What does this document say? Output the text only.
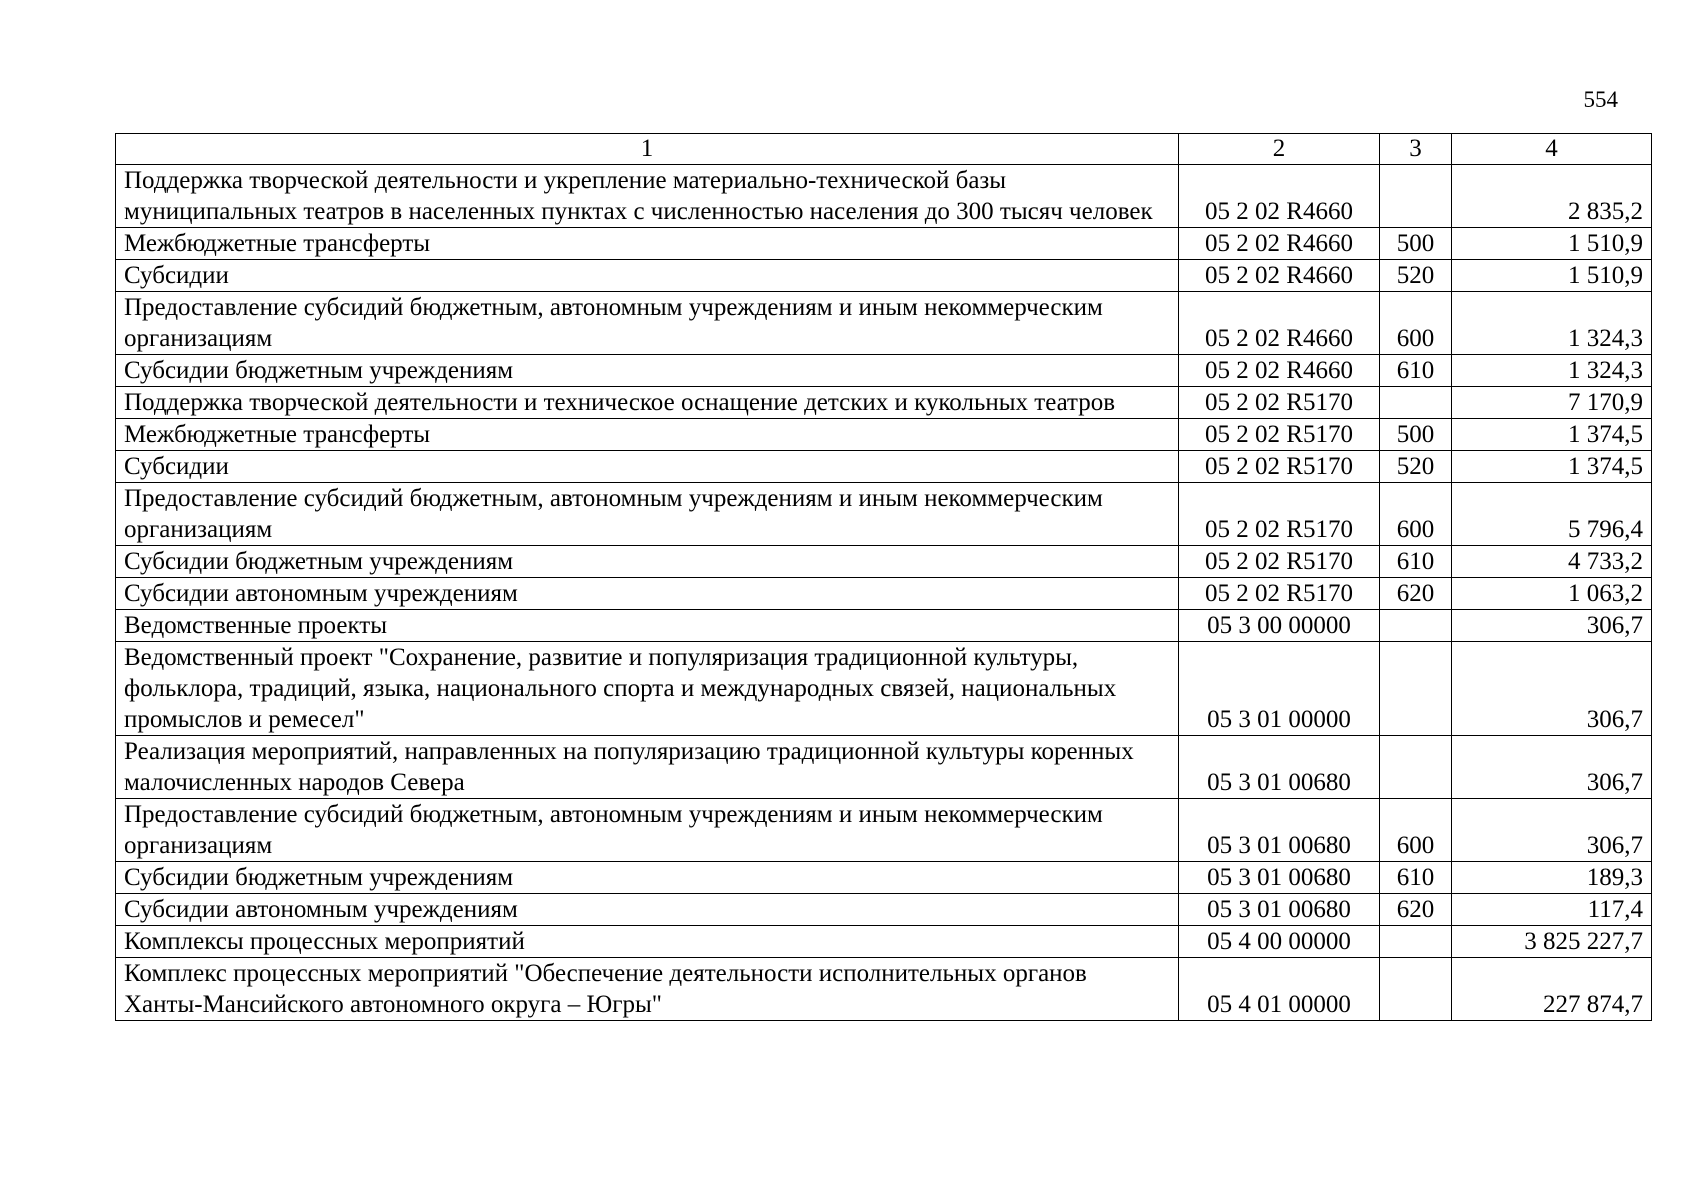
554
1	2	3	4
Поддержка творческой деятельности и укрепление материально-технической базы муниципальных театров в населенных пунктах с численностью населения до 300 тысяч человек	05 2 02 R4660		2 835,2
Межбюджетные трансферты	05 2 02 R4660	500	1 510,9
Субсидии	05 2 02 R4660	520	1 510,9
Предоставление субсидий бюджетным, автономным учреждениям и иным некоммерческим организациям	05 2 02 R4660	600	1 324,3
Субсидии бюджетным учреждениям	05 2 02 R4660	610	1 324,3
Поддержка творческой деятельности и техническое оснащение детских и кукольных театров	05 2 02 R5170		7 170,9
Межбюджетные трансферты	05 2 02 R5170	500	1 374,5
Субсидии	05 2 02 R5170	520	1 374,5
Предоставление субсидий бюджетным, автономным учреждениям и иным некоммерческим организациям	05 2 02 R5170	600	5 796,4
Субсидии бюджетным учреждениям	05 2 02 R5170	610	4 733,2
Субсидии автономным учреждениям	05 2 02 R5170	620	1 063,2
Ведомственные проекты	05 3 00 00000		306,7
Ведомственный проект "Сохранение, развитие и популяризация традиционной культуры, фольклора, традиций, языка, национального спорта и международных связей, национальных промыслов и ремесел"	05 3 01 00000		306,7
Реализация мероприятий, направленных на популяризацию традиционной культуры коренных малочисленных народов Севера	05 3 01 00680		306,7
Предоставление субсидий бюджетным, автономным учреждениям и иным некоммерческим организациям	05 3 01 00680	600	306,7
Субсидии бюджетным учреждениям	05 3 01 00680	610	189,3
Субсидии автономным учреждениям	05 3 01 00680	620	117,4
Комплексы процессных мероприятий	05 4 00 00000		3 825 227,7
Комплекс процессных мероприятий "Обеспечение деятельности исполнительных органов Ханты-Мансийского автономного округа – Югры"	05 4 01 00000		227 874,7
